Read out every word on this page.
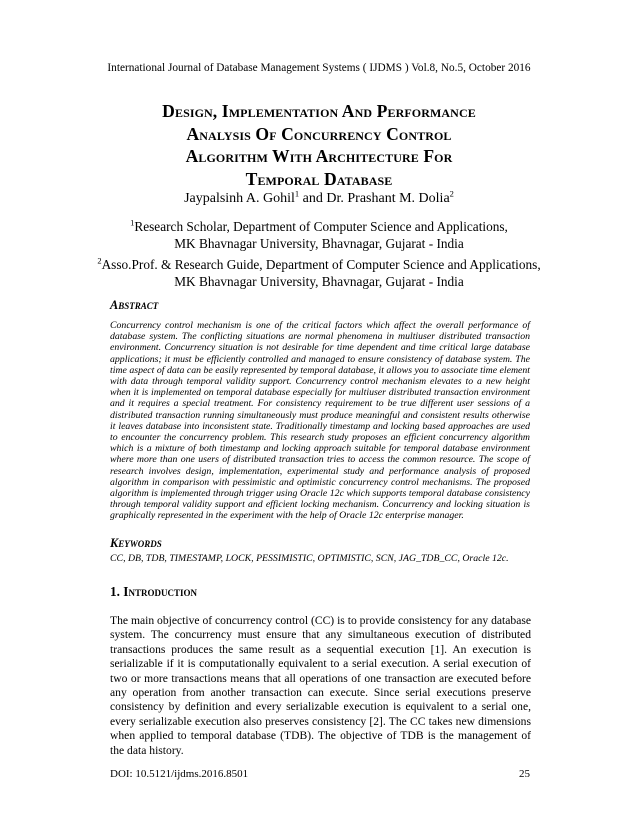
International Journal of Database Management Systems ( IJDMS ) Vol.8, No.5, October 2016
Design, Implementation And Performance
Analysis Of Concurrency Control
Algorithm With Architecture For
Temporal Database
Jaypalsinh A. Gohil$^1$ and Dr. Prashant M. Dolia$^2$
$^1$Research Scholar, Department of Computer Science and Applications,
MK Bhavnagar University, Bhavnagar, Gujarat - India
$^2$Asso.Prof. & Research Guide, Department of Computer Science and Applications,
MK Bhavnagar University, Bhavnagar, Gujarat - India
Abstract
Concurrency control mechanism is one of the critical factors which affect the overall performance of database system. The conflicting situations are normal phenomena in multiuser distributed transaction environment. Concurrency situation is not desirable for time dependent and time critical large database applications; it must be efficiently controlled and managed to ensure consistency of database system. The time aspect of data can be easily represented by temporal database, it allows you to associate time element with data through temporal validity support. Concurrency control mechanism elevates to a new height when it is implemented on temporal database especially for multiuser distributed transaction environment and it requires a special treatment. For consistency requirement to be true different user sessions of a distributed transaction running simultaneously must produce meaningful and consistent results otherwise it leaves database into inconsistent state. Traditionally timestamp and locking based approaches are used to encounter the concurrency problem. This research study proposes an efficient concurrency algorithm which is a mixture of both timestamp and locking approach suitable for temporal database environment where more than one users of distributed transaction tries to access the common resource. The scope of research involves design, implementation, experimental study and performance analysis of proposed algorithm in comparison with pessimistic and optimistic concurrency control mechanisms. The proposed algorithm is implemented through trigger using Oracle 12c which supports temporal database consistency through temporal validity support and efficient locking mechanism. Concurrency and locking situation is graphically represented in the experiment with the help of Oracle 12c enterprise manager.
Keywords
CC, DB, TDB, TIMESTAMP, LOCK, PESSIMISTIC, OPTIMISTIC, SCN, JAG_TDB_CC, Oracle 12c.
1. Introduction
The main objective of concurrency control (CC) is to provide consistency for any database system. The concurrency must ensure that any simultaneous execution of distributed transactions produces the same result as a sequential execution [1]. An execution is serializable if it is computationally equivalent to a serial execution. A serial execution of two or more transactions means that all operations of one transaction are executed before any operation from another transaction can execute. Since serial executions preserve consistency by definition and every serializable execution is equivalent to a serial one, every serializable execution also preserves consistency [2]. The CC takes new dimensions when applied to temporal database (TDB). The objective of TDB is the management of the data history.
DOI: 10.5121/ijdms.2016.8501	25
